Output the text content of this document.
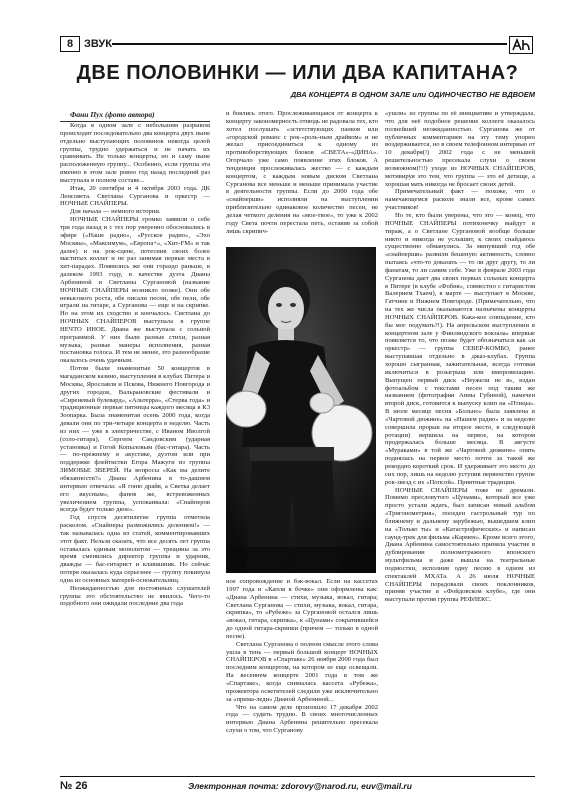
8 ЗВУК
ДВЕ ПОЛОВИНКИ — ИЛИ ДВА КАПИТАНА?
ДВА КОНЦЕРТА В ОДНОМ ЗАЛЕ или ОДИНОЧЕСТВО НЕ ВДВОЕМ

Фани Пух (фото автора)

Когда в одном зале с небольшим разрывом происходят последовательно два концерта двух ныне отдельно выступающих половинок некогда целой группы, трудно удержаться и не начать их сравнивать. Не только концерты, но и саму ныне расположенную группу... Особенно, если группа эта именно в этом зале ровно год назад последний раз выступала в полном составе...

Итак, 20 сентября и 4 октября 2003 года. ДК Ленсовета. Светлана Сурганова и оркестр — НОЧНЫЕ СНАЙПЕРЫ.

Для начала — немного истории.

НОЧНЫЕ СНАЙПЕРЫ громко заявили о себе три года назад и с тех пор уверенно обосновались в эфире («Наше радио», «Русское радио», «Эхо Москвы», «Максимум», «Европа+», «Хит-FM» и так далее) и на рок-сцене, потеснив своих более маститых коллег и не раз занимая первые места в хит-парадах. Появились же они гораздо раньше, в далеком 1993 году, в качестве дуэта Дианы Арбениной и Светланы Сургановой (название НОЧНЫЕ СНАЙПЕРЫ возникло позже). Они обе невысокого роста, обе писали песни, обе пели, обе играли на гитаре, а Сурганова — еще и на скрипке. Но на этом их сходство и кончалось. Светлана до НОЧНЫХ СНАЙПЕРОВ выступала в группе НЕЧТО ИНОЕ. Диана же выступала с сольной программой. У них были разные стихи, разная музыка, разные манеры исполнения, разная постановка голоса. И тем не менее, это разнообразие оказалось очень удачным.

Потом были знаменитые 50 концертов в магаданском казино, выступления в клубах Питера и Москвы, Ярославля и Пскова, Нижнего Новгорода и других городов, Вальрановские фестивали и «Сиреневый булевард», «Альтерра», «Стерва года» и традиционные первые пятницы каждого месяца в К3 Зоопарка. Была знаменитая осень 2000 года, когда девали они по три-четыре концерта в неделю. Часть из них — уже в электричестве, с Иваном Иволгой (соло-гитара), Сергеем Сандовским (ударная установка) и Гогой Копыловым (бас-гитара). Часть — по-прежнему в акустике, дуэтом или при поддержке флейтистки Егора Мажуги из группы ЗИМОВЬЕ ЗВЕРЕЙ. На вопросы «Как вы делите обязанности?» Диана Арбенина в то-дашнем интервью отвечала: «Я гоню драйв, а Светка делает его вкусным», фанов же, встревоженных увеличением группы, успокаивала: «Снайперов всегда будет только двое».

Год спустя десятилетие группа отметила расколом. «Снайперы разможились делением!» — так называлась одна из статей, комментировавших этот факт. Нельзя сказать, что все десять лет группа оставалась единым монолитом — трещины за это время сменились директор группы и ударник, дважды — бас-гитарист и клавишник. Но сейчас потеря оказалась куда серьезнее — группу покинула одна из основных матерей-основательниц.

Неожиданностью для постоянных слушателей группы это обстоятельство не явилось. Чего-то подобного они ожидали последние два года

и боялись этого. Прослеживающаяся от концерта к концерту закономерность отнюдь не радовала тех, кто хотел послушать «эстетствующих панков или «городской романс с рок-«роль-ным драйвом» и не желал присоединиться к одному из противоборствующих блоков «СВЕТА»-«ДИНА». Огорчало уже само появление этих блоков. А тенденция прослеживалась жестко — с каждым концертом, с каждым новым диском Светлана Сурганова все меньше и меньше принимала участие в деятельности группы. Если до 2000 года обе «снайперши» исполняли на выступлении приблизительно одинаковое количество песен, не делая четкого деления на «мое-твое», то уже к 2002 году Света почти перестала петь, оставив за собой лишь скрипич-

ное сопровождение и бэк-вокал. Если на кассетах 1997 года и «Капля в бочке» они оформлены как: «Диана Арбенина — стихи, музыка, вокал, гитара; Светлана Сурганова — стихи, музыка, вокал, гитара, скрипка», то «Рубеже» за Сургановой остался лишь «вокал, гитара, скрипка», к «Цунами» сократившейся до одной гитара-скрипки (причем — только в одной песне).

Светлана Сурганова о полном смысле этого слова ушла в тень — первый большой концерт НОЧНЫХ СНАЙПЕРОВ в «Спартаке» 26 ноября 2000 года был последним концертом, на котором ее еще освещали. На весеннем концерте 2001 года в том же «Спартаке», когда снималась кассета «Рубежа», прожектора осветителей следили уже исключительно за «прима-леди» Дианой Арбениной...

Что на самом деле произошло 17 декабря 2002 года — судить трудно. В своих многочисленных интервью Диана Арбенина решительно пресекала слухи о том, что Сурганову

«ушли» из группы по её инициативе и утверждала, что для неё подобное решение коллеги оказалось полнейшей неожиданностью. Сурганова же от публичных комментариев на эту тему упорно воздерживается, но в своем телефонном интервью от 10 декабря(!) 2002 года с не меньшей решительностью пресекала слухи о своем возможном(!!!) уходе из НОЧНЫХ СНАЙПЕРОВ, мотивируя это тем, что группа — это её детище, а хорошая мать никогда не бросает своих детей.

Примечательный факт — похоже, что о намечающемся расколе знали все, кроме самих участников!

Но те, кто были уверены, что это — конец, что НОЧНЫЕ СНАЙПЕРЫ потихонечку выйдут в тираж, а о Светлане Сургановой вообще больше никто и никогда не услышит, к своих снайдаюсь существенно обманулись. За минувший год обе «снайперши» развили бешеную активность, словно пытаясь «что-то доказать — то ли друг другу, то ли фанатам, то ли самим себе. Уже в феврале 2003 года Сурганова дает два своих первых сольных концерта в Питере (в клубе «Фобия», совместно с гитаристом Валерием Тхаем), в марте — выступает в Москве, Гатчине и Нижнем Новгороде. (Примечательно, что на тех же числа оказываются назначены концерты НОЧНЫХ СНАЙПЕРОВ. Кака-кое совпадение, кто бы мог подумать?!). На апрельском выступлении в концертном зале у Финляндского вокзала» впервые появляется то, что позже будет обозначаться как «и оркестр» — группа СЕВЕР-КОМБО, ранее выступавшая отдельно в джаз-клубах. Группа хорошо сыгранная, зажигательная, всегда готовая включиться в розыгрыш или импровизацию. Выпущен первый диск «Неужели не я», издан фотоальбом с текстами песен под таким же названием (фотографии Анны Губиной), намечен второй диск, готовится к выпуску клип на «Птицы». В июле месяце песня «Больно» была заявлена в «Чартовой дюжине» на «Нашем радио» и за неделю совершила прорыв на второе место, в следующей ротации) вершила на первое, на котором продержалась больше месяца. В августе «Мураками» в той же «Чартовой дюжине» опять поднялась на первое место почти за такой же рекордно короткий срок. И удерживает это место до сих пор, лишь на недолю уступив первенство группе рок-звезд с их «Попсой». Приятные традиции.

НОЧНЫЕ СНАЙПЕРЫ тоже не дремали. Помимо пресловутого «Цунами», который все уже просто устали ждать, был записан новый альбом «Тригонометрия», пооеден гастрольный тур по ближнему и дальнему зарубежью, вышедшем клип на «Только ты» и «Катастрофических» и написан саунд-трек для фильма «Кармен». Кроме всего этого, Диана Арбенина самостоятельно приняла участие в дублировании полнометражного японского мультфильма и даже вышла на театральные подмостки, исполнив одну песню в одном из спектаклей МХАТа. А 26 июля НОЧНЫЕ СНАЙПЕРЫ порадовали своих поклонников, приняв участие в «Фойдовском клубе», где они выступали против группы РЕФЛЕКС.

№ 26	Электронная почта: zdorovy@narod.ru, euv@mail.ru
